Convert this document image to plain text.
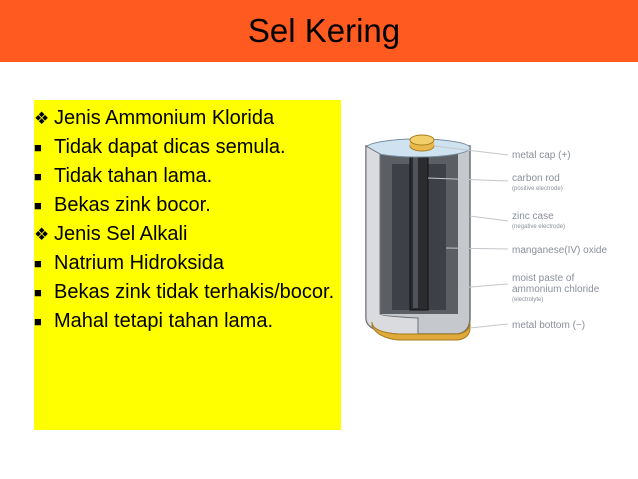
Sel Kering
❖ Jenis Ammonium Klorida
■ Tidak dapat dicas semula.
■ Tidak tahan lama.
■ Bekas zink bocor.
❖ Jenis Sel Alkali
■ Natrium Hidroksida
■ Bekas zink tidak terhakis/bocor.
■ Mahal tetapi tahan lama.
metal cap (+)
carbon rod
(positive electrode)
zinc case
(negative electrode)
manganese(IV) oxide
moist paste of
ammonium chloride
(electrolyte)
metal bottom (−)
